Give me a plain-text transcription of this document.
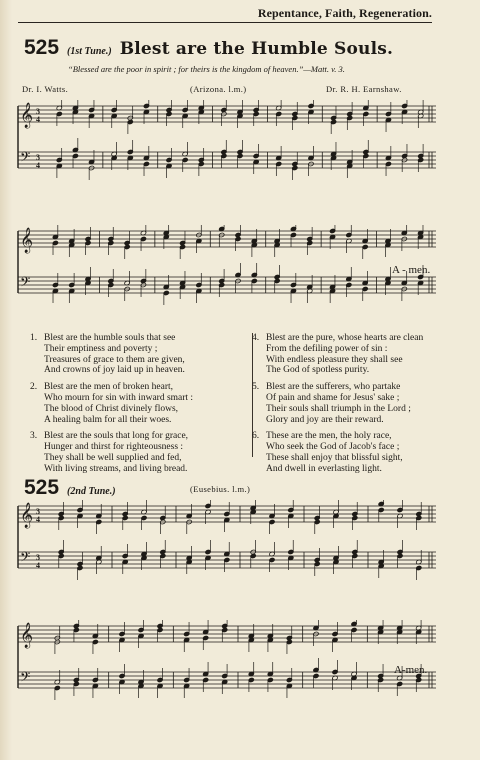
Repentance, Faith, Regeneration.
525 (1st Tune.) Blest are the Humble Souls.
“Blessed are the poor in spirit ; for theirs is the kingdom of heaven.”—Matt. v. 3.
Dr. I. Watts.	(Arizona. l.m.)	Dr. R. H. Earnshaw.
𝄞 3
4
𝄢 3
4
𝄞
𝄢
A - men.
1. Blest are the humble souls that see
Their emptiness and poverty ;
Treasures of grace to them are given,
And crowns of joy laid up in heaven.
2. Blest are the men of broken heart,
Who mourn for sin with inward smart :
The blood of Christ divinely flows,
A healing balm for all their woes.
3. Blest are the souls that long for grace,
Hunger and thirst for righteousness :
They shall be well supplied and fed,
With living streams, and living bread.
4. Blest are the pure, whose hearts are clean
From the defiling power of sin :
With endless pleasure they shall see
The God of spotless purity.
5. Blest are the sufferers, who partake
Of pain and shame for Jesus' sake ;
Their souls shall triumph in the Lord ;
Glory and joy are their reward.
6. These are the men, the holy race,
Who seek the God of Jacob's face ;
These shall enjoy that blissful sight,
And dwell in everlasting light.
525 (2nd Tune.)	(Eusebius. l.m.)
𝄞 3
4
𝄢 3
4
𝄞
𝄢	A-men.
